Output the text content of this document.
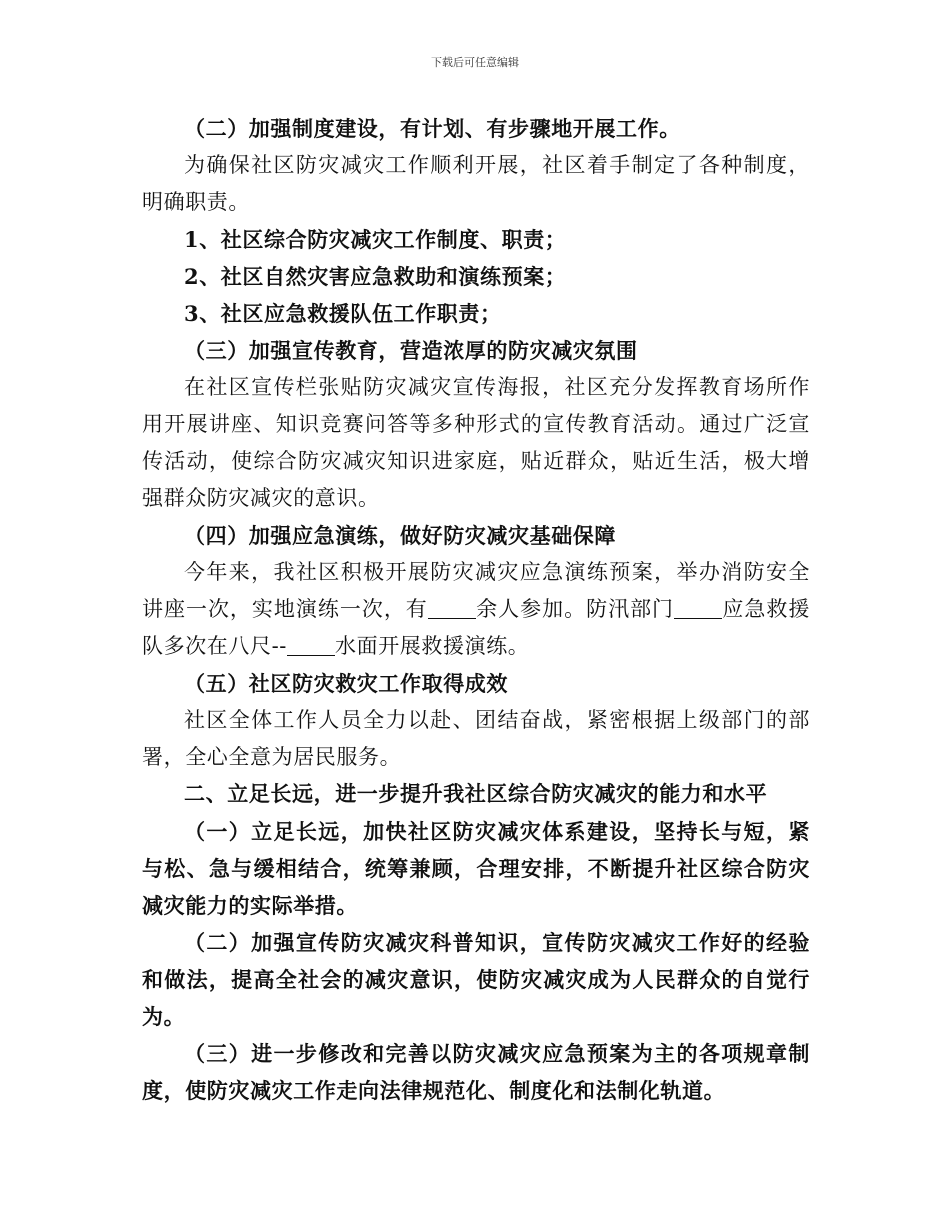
下载后可任意编辑

（二）加强制度建设，有计划、有步骤地开展工作。

为确保社区防灾减灾工作顺利开展，社区着手制定了各种制度，明确职责。

1、社区综合防灾减灾工作制度、职责；

2、社区自然灾害应急救助和演练预案；

3、社区应急救援队伍工作职责；

（三）加强宣传教育，营造浓厚的防灾减灾氛围

在社区宣传栏张贴防灾减灾宣传海报，社区充分发挥教育场所作用开展讲座、知识竞赛问答等多种形式的宣传教育活动。通过广泛宣传活动，使综合防灾减灾知识进家庭，贴近群众，贴近生活，极大增强群众防灾减灾的意识。

（四）加强应急演练，做好防灾减灾基础保障

今年来，我社区积极开展防灾减灾应急演练预案，举办消防安全讲座一次，实地演练一次，有 余人参加。防汛部门 应急救援队多次在八尺-- 水面开展救援演练。

（五）社区防灾救灾工作取得成效

社区全体工作人员全力以赴、团结奋战，紧密根据上级部门的部署，全心全意为居民服务。

二、立足长远，进一步提升我社区综合防灾减灾的能力和水平

（一）立足长远，加快社区防灾减灾体系建设，坚持长与短，紧与松、急与缓相结合，统筹兼顾，合理安排，不断提升社区综合防灾减灾能力的实际举措。

（二）加强宣传防灾减灾科普知识，宣传防灾减灾工作好的经验和做法，提高全社会的减灾意识，使防灾减灾成为人民群众的自觉行为。

（三）进一步修改和完善以防灾减灾应急预案为主的各项规章制度，使防灾减灾工作走向法律规范化、制度化和法制化轨道。
